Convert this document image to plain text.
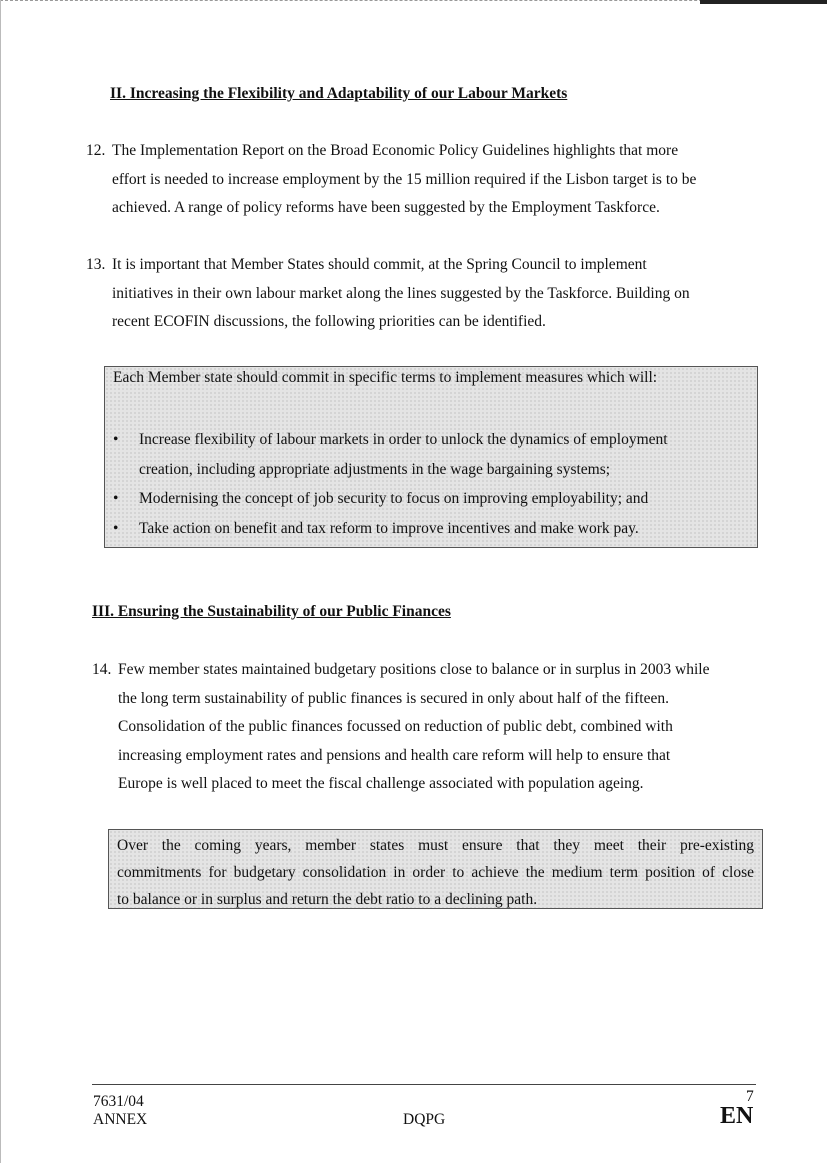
II. Increasing the Flexibility and Adaptability of our Labour Markets
12. The Implementation Report on the Broad Economic Policy Guidelines highlights that more
effort is needed to increase employment by the 15 million required if the Lisbon target is to be
achieved. A range of policy reforms have been suggested by the Employment Taskforce.
13. It is important that Member States should commit, at the Spring Council to implement
initiatives in their own labour market along the lines suggested by the Taskforce. Building on
recent ECOFIN discussions, the following priorities can be identified.
Each Member state should commit in specific terms to implement measures which will:
•	Increase flexibility of labour markets in order to unlock the dynamics of employment
creation, including appropriate adjustments in the wage bargaining systems;
•	Modernising the concept of job security to focus on improving employability; and
•	Take action on benefit and tax reform to improve incentives and make work pay.
III. Ensuring the Sustainability of our Public Finances
14. Few member states maintained budgetary positions close to balance or in surplus in 2003 while
the long term sustainability of public finances is secured in only about half of the fifteen.
Consolidation of the public finances focussed on reduction of public debt, combined with
increasing employment rates and pensions and health care reform will help to ensure that
Europe is well placed to meet the fiscal challenge associated with population ageing.
Over the coming years, member states must ensure that they meet their pre-existing
commitments for budgetary consolidation in order to achieve the medium term position of close
to balance or in surplus and return the debt ratio to a declining path.
7631/04
ANNEX	DQPG
7
EN
